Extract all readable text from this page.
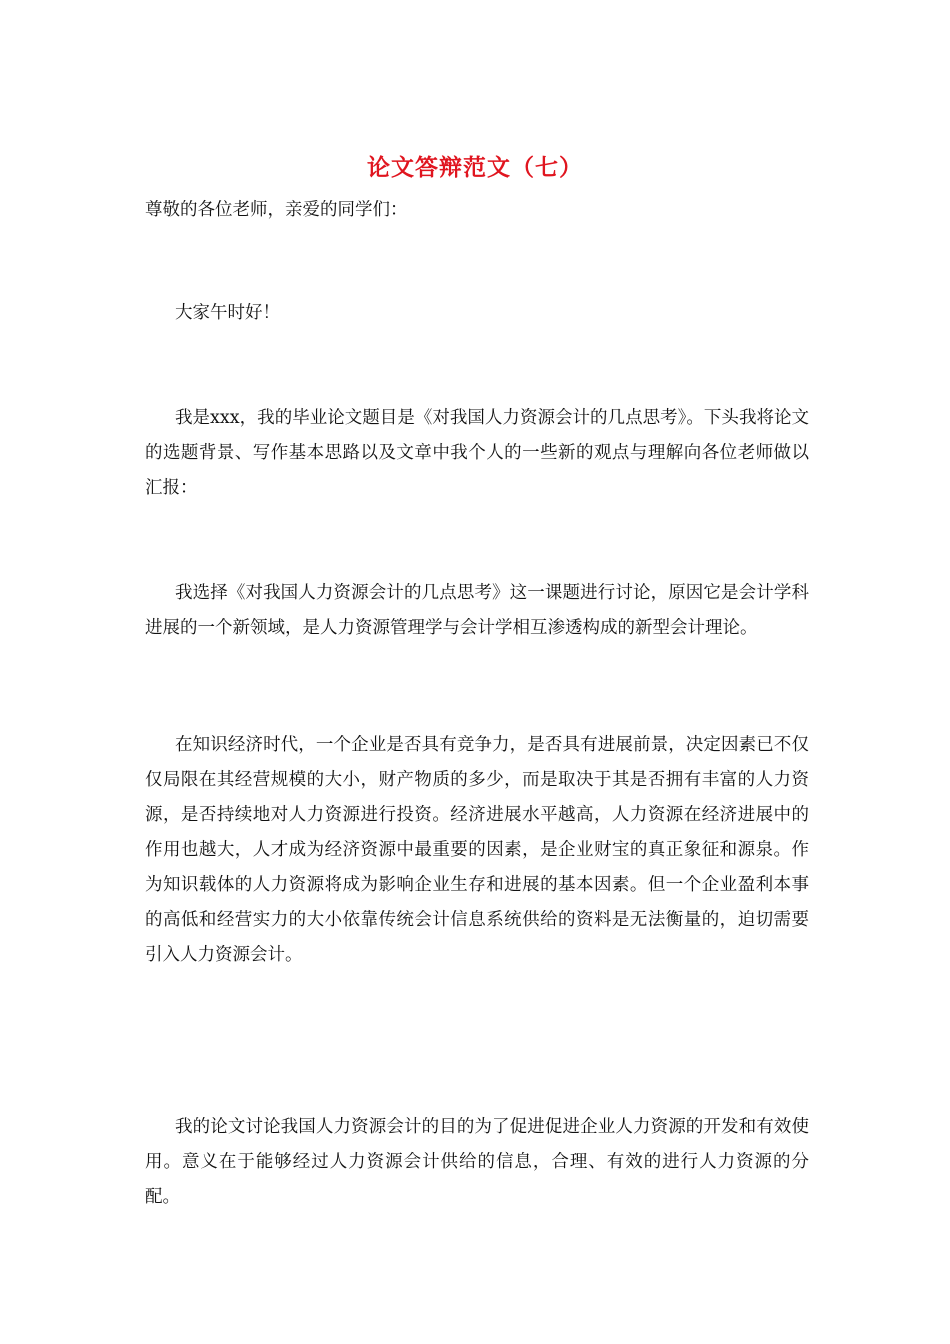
论文答辩范文（七）
尊敬的各位老师，亲爱的同学们：

大家午时好！

我是xxx，我的毕业论文题目是《对我国人力资源会计的几点思考》。下头我将论文的选题背景、写作基本思路以及文章中我个人的一些新的观点与理解向各位老师做以汇报：

我选择《对我国人力资源会计的几点思考》这一课题进行讨论，原因它是会计学科进展的一个新领域，是人力资源管理学与会计学相互渗透构成的新型会计理论。

在知识经济时代，一个企业是否具有竞争力，是否具有进展前景，决定因素已不仅仅局限在其经营规模的大小，财产物质的多少，而是取决于其是否拥有丰富的人力资源，是否持续地对人力资源进行投资。经济进展水平越高，人力资源在经济进展中的作用也越大，人才成为经济资源中最重要的因素，是企业财宝的真正象征和源泉。作为知识载体的人力资源将成为影响企业生存和进展的基本因素。但一个企业盈利本事的高低和经营实力的大小依靠传统会计信息系统供给的资料是无法衡量的，迫切需要引入人力资源会计。

我的论文讨论我国人力资源会计的目的为了促进促进企业人力资源的开发和有效使用。意义在于能够经过人力资源会计供给的信息，合理、有效的进行人力资源的分配。
